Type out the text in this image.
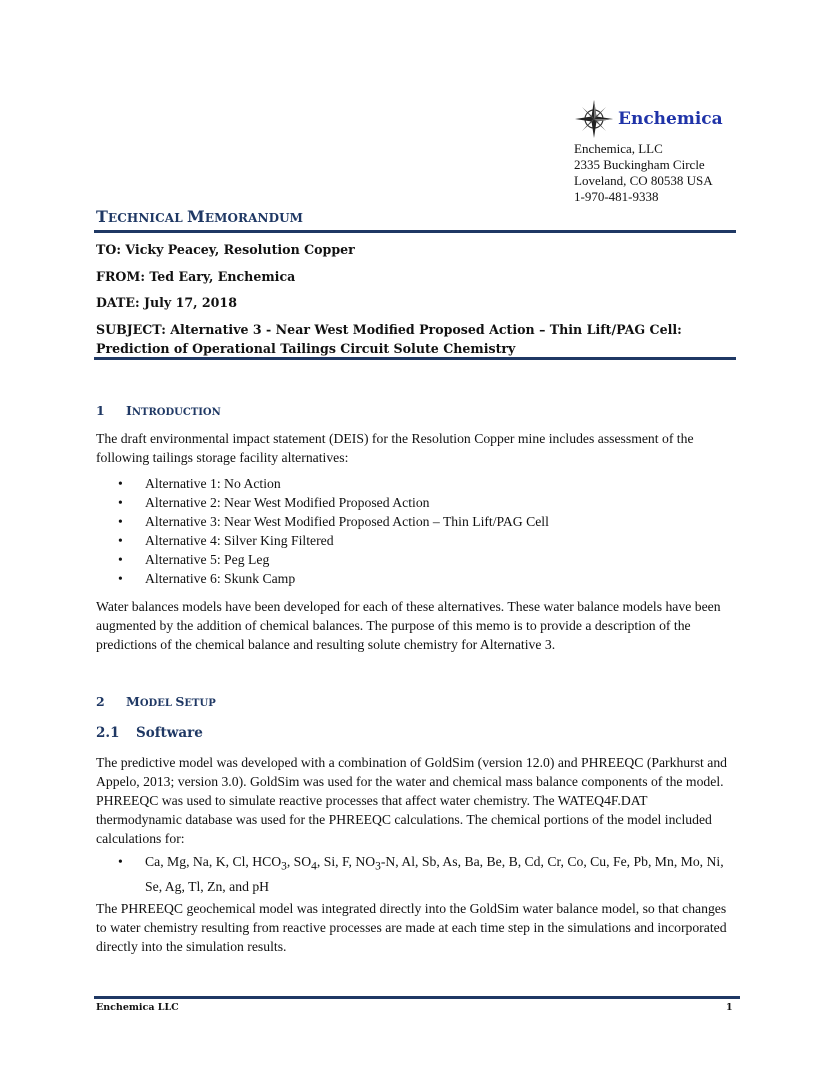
Enchemica
Enchemica, LLC
2335 Buckingham Circle
Loveland, CO 80538 USA
1-970-481-9338
TECHNICAL MEMORANDUM
TO: Vicky Peacey, Resolution Copper
FROM: Ted Eary, Enchemica
DATE: July 17, 2018
SUBJECT: Alternative 3 - Near West Modified Proposed Action – Thin Lift/PAG Cell: Prediction of Operational Tailings Circuit Solute Chemistry
1 INTRODUCTION
The draft environmental impact statement (DEIS) for the Resolution Copper mine includes assessment of the following tailings storage facility alternatives:
•	Alternative 1: No Action
•	Alternative 2: Near West Modified Proposed Action
•	Alternative 3: Near West Modified Proposed Action – Thin Lift/PAG Cell
•	Alternative 4: Silver King Filtered
•	Alternative 5: Peg Leg
•	Alternative 6: Skunk Camp
Water balances models have been developed for each of these alternatives. These water balance models have been augmented by the addition of chemical balances. The purpose of this memo is to provide a description of the predictions of the chemical balance and resulting solute chemistry for Alternative 3.
2 MODEL SETUP
2.1 Software
The predictive model was developed with a combination of GoldSim (version 12.0) and PHREEQC (Parkhurst and Appelo, 2013; version 3.0). GoldSim was used for the water and chemical mass balance components of the model. PHREEQC was used to simulate reactive processes that affect water chemistry. The WATEQ4F.DAT thermodynamic database was used for the PHREEQC calculations. The chemical portions of the model included calculations for:
•	Ca, Mg, Na, K, Cl, $HCO_3$, $SO_4$, Si, F, $NO_3-N$, Al, Sb, As, Ba, Be, B, Cd, Cr, Co, Cu, Fe, Pb, Mn, Mo, Ni, Se, Ag, Tl, Zn, and pH
The PHREEQC geochemical model was integrated directly into the GoldSim water balance model, so that changes to water chemistry resulting from reactive processes are made at each time step in the simulations and incorporated directly into the simulation results.
Enchemica LLC	1
